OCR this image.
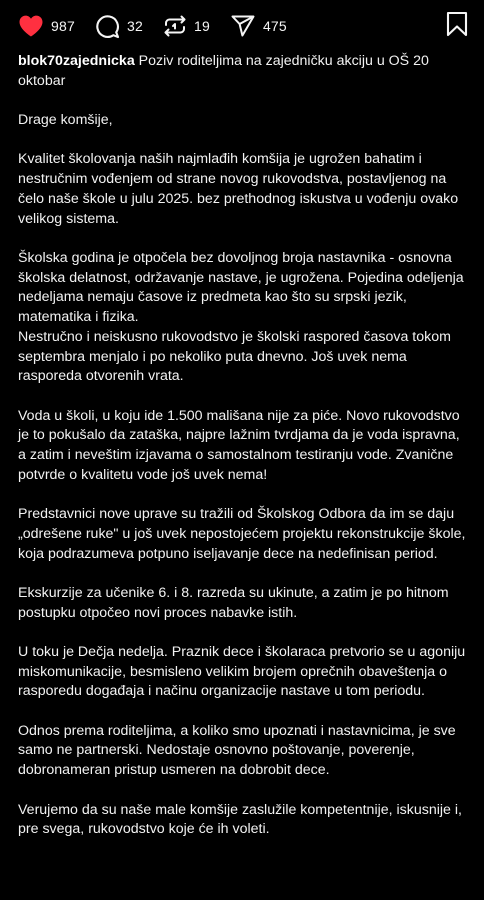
987	32	19	475

blok70zajednicka Poziv roditeljima na zajedničku akciju u OŠ 20 oktobar

Drage komšije,

Kvalitet školovanja naših najmlađih komšija je ugrožen bahatim i nestručnim vođenjem od strane novog rukovodstva, postavljenog na čelo naše škole u julu 2025. bez prethodnog iskustva u vođenju ovako velikog sistema.

Školska godina je otpočela bez dovoljnog broja nastavnika - osnovna školska delatnost, održavanje nastave, je ugrožena. Pojedina odeljenja nedeljama nemaju časove iz predmeta kao što su srpski jezik, matematika i fizika.

Nestručno i neiskusno rukovodstvo je školski raspored časova tokom septembra menjalo i po nekoliko puta dnevno. Još uvek nema rasporeda otvorenih vrata.

Voda u školi, u koju ide 1.500 mališana nije za piće. Novo rukovodstvo je to pokušalo da zataška, najpre lažnim tvrdjama da je voda ispravna, a zatim i neveštim izjavama o samostalnom testiranju vode. Zvanične potvrde o kvalitetu vode još uvek nema!

Predstavnici nove uprave su tražili od Školskog Odbora da im se daju „odrešene ruke" u još uvek nepostojećem projektu rekonstrukcije škole, koja podrazumeva potpuno iseljavanje dece na nedefinisan period.

Ekskurzije za učenike 6. i 8. razreda su ukinute, a zatim je po hitnom postupku otpočeo novi proces nabavke istih.

U toku je Dečja nedelja. Praznik dece i školaraca pretvorio se u agoniju miskomunikacije, besmisleno velikim brojem oprečnih obaveštenja o rasporedu događaja i načinu organizacije nastave u tom periodu.

Odnos prema roditeljima, a koliko smo upoznati i nastavnicima, je sve samo ne partnerski. Nedostaje osnovno poštovanje, poverenje, dobronameran pristup usmeren na dobrobit dece.

Verujemo da su naše male komšije zaslužile kompetentnije, iskusnije i, pre svega, rukovodstvo koje će ih voleti.
